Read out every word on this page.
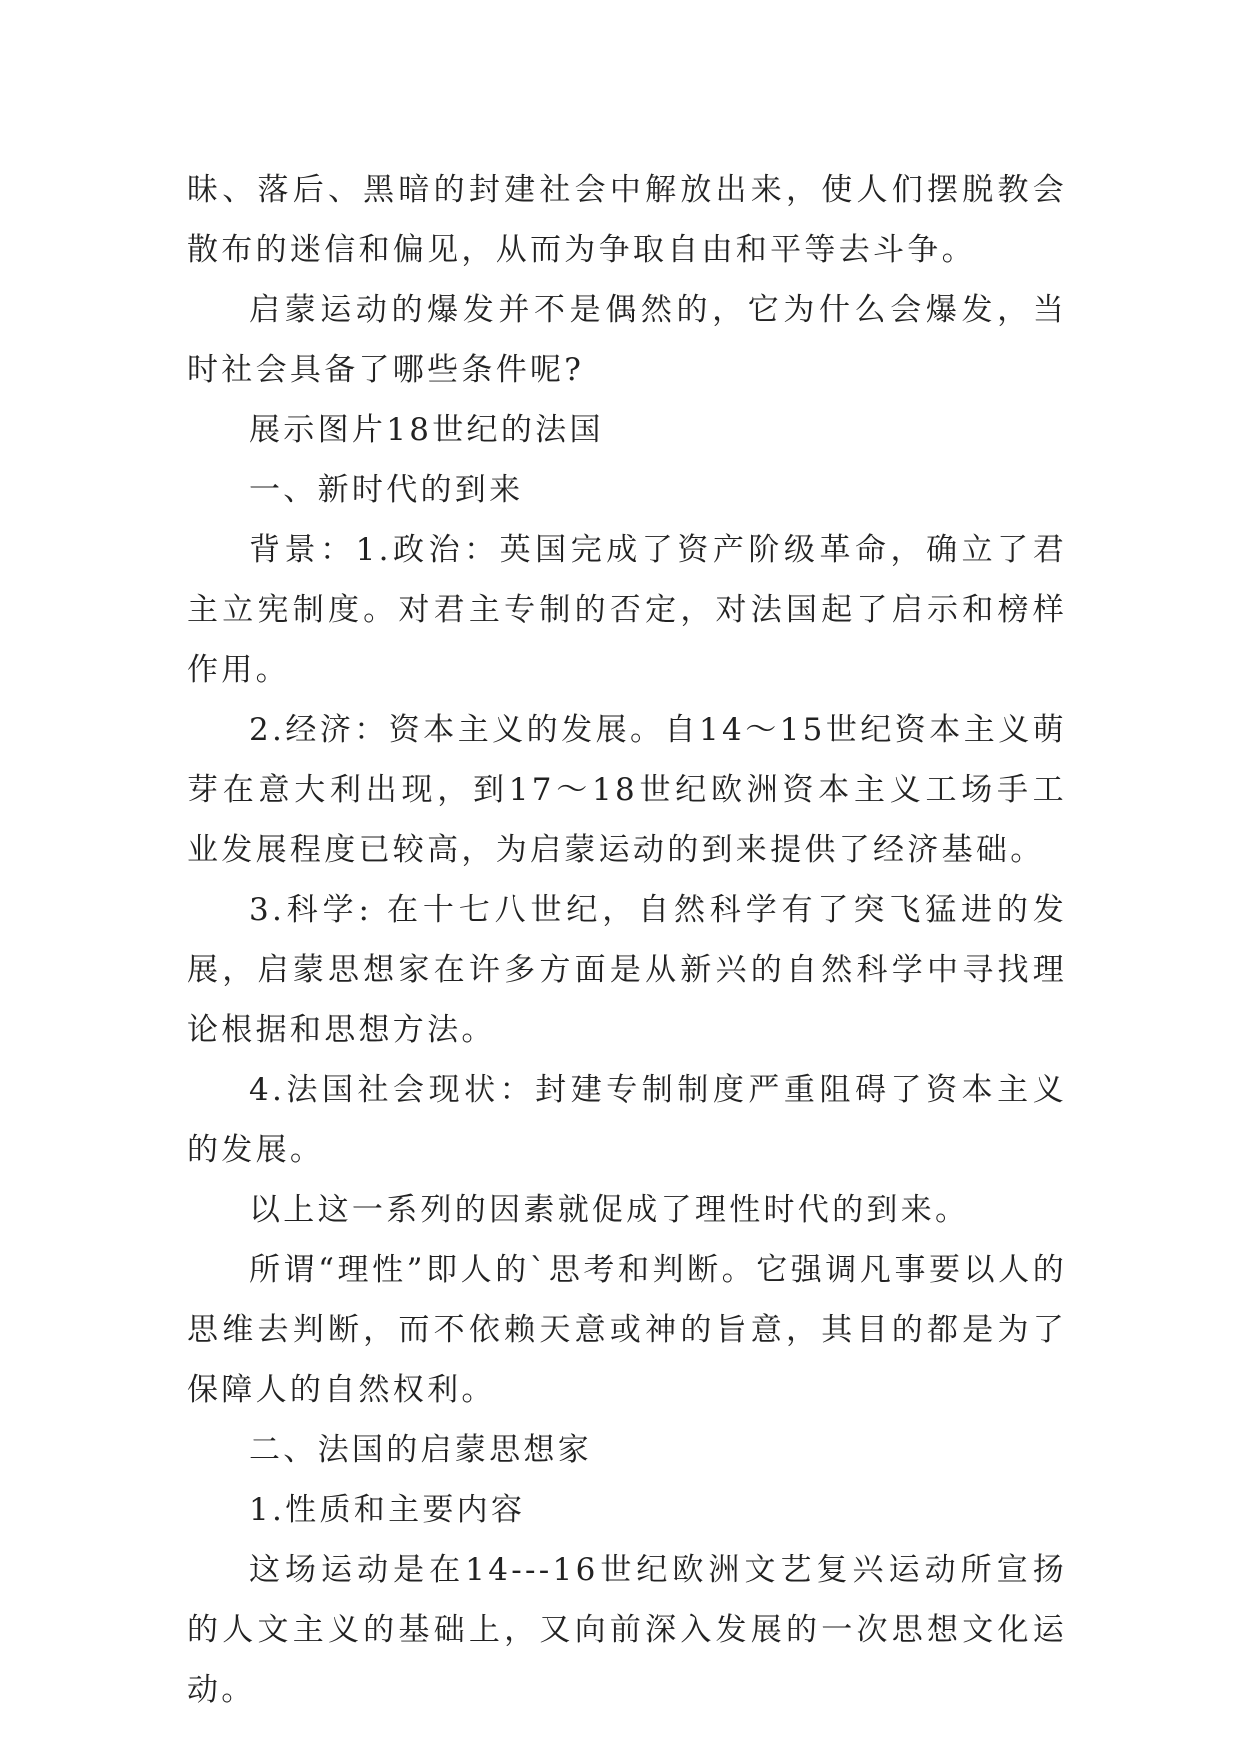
昧、落后、黑暗的封建社会中解放出来，使人们摆脱教会散布的迷信和偏见，从而为争取自由和平等去斗争。

启蒙运动的爆发并不是偶然的，它为什么会爆发，当时社会具备了哪些条件呢?

展示图片18世纪的法国

一、新时代的到来

背景：1.政治：英国完成了资产阶级革命，确立了君主立宪制度。对君主专制的否定，对法国起了启示和榜样作用。

2.经济：资本主义的发展。自14～15世纪资本主义萌芽在意大利出现，到17～18世纪欧洲资本主义工场手工业发展程度已较高，为启蒙运动的到来提供了经济基础。

3.科学: 在十七八世纪，自然科学有了突飞猛进的发展，启蒙思想家在许多方面是从新兴的自然科学中寻找理论根据和思想方法。

4.法国社会现状：封建专制制度严重阻碍了资本主义的发展。

以上这一系列的因素就促成了理性时代的到来。

所谓“理性”即人的`思考和判断。它强调凡事要以人的思维去判断，而不依赖天意或神的旨意，其目的都是为了保障人的自然权利。

二、法国的启蒙思想家

1.性质和主要内容

这场运动是在14---16世纪欧洲文艺复兴运动所宣扬的人文主义的基础上，又向前深入发展的一次思想文化运动。
